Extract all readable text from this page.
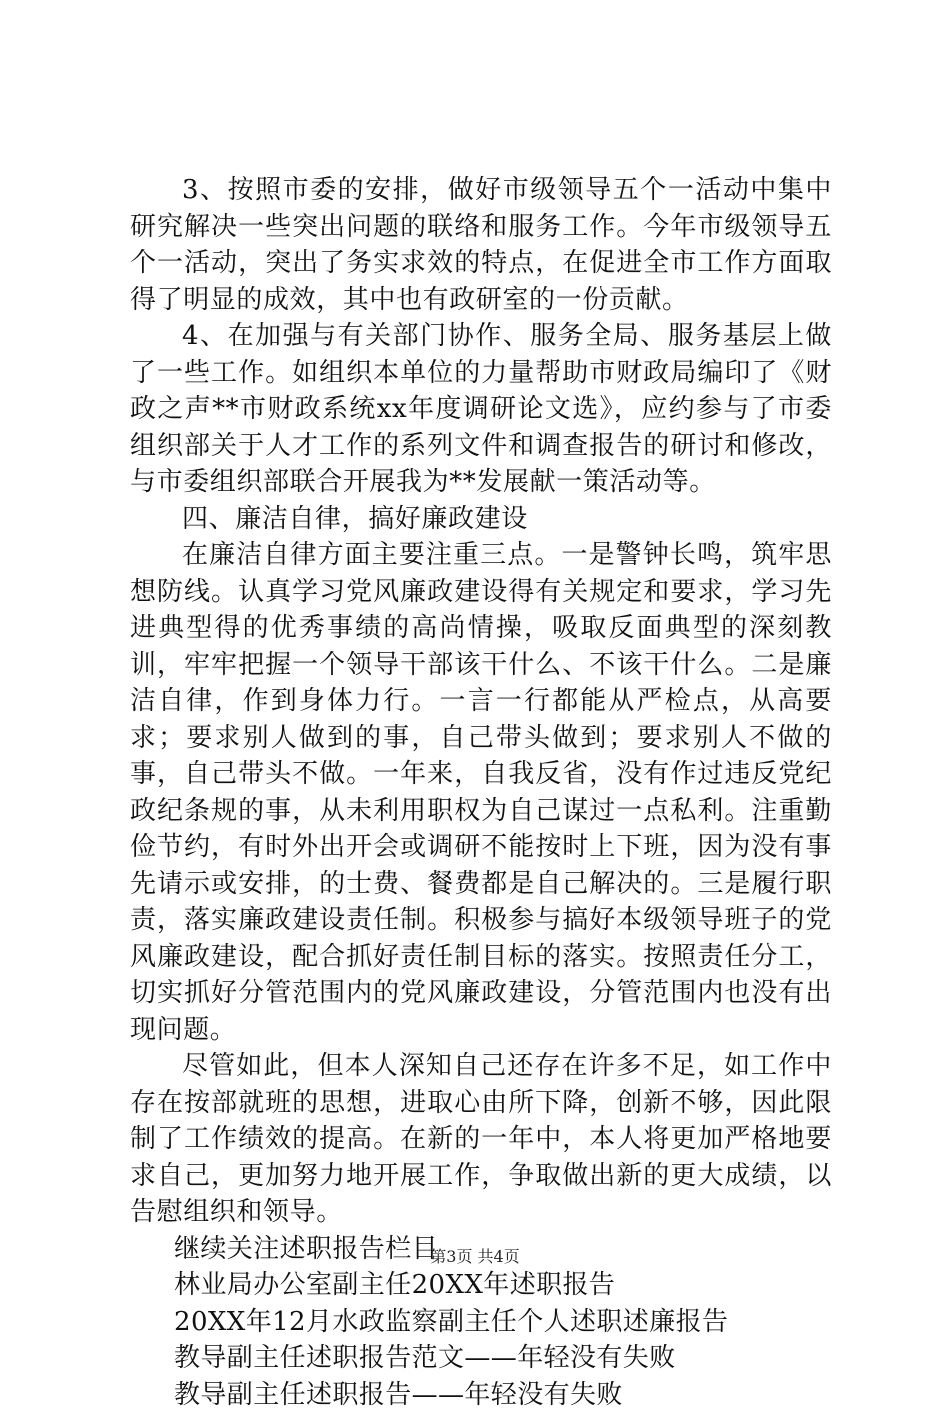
3、按照市委的安排，做好市级领导五个一活动中集中研究解决一些突出问题的联络和服务工作。今年市级领导五个一活动，突出了务实求效的特点，在促进全市工作方面取得了明显的成效，其中也有政研室的一份贡献。

4、在加强与有关部门协作、服务全局、服务基层上做了一些工作。如组织本单位的力量帮助市财政局编印了《财政之声**市财政系统xx年度调研论文选》，应约参与了市委组织部关于人才工作的系列文件和调查报告的研讨和修改，与市委组织部联合开展我为**发展献一策活动等。

四、廉洁自律，搞好廉政建设

在廉洁自律方面主要注重三点。一是警钟长鸣，筑牢思想防线。认真学习党风廉政建设得有关规定和要求，学习先进典型得的优秀事绩的高尚情操，吸取反面典型的深刻教训，牢牢把握一个领导干部该干什么、不该干什么。二是廉洁自律，作到身体力行。一言一行都能从严检点，从高要求；要求别人做到的事，自己带头做到；要求别人不做的事，自己带头不做。一年来，自我反省，没有作过违反党纪政纪条规的事，从未利用职权为自己谋过一点私利。注重勤俭节约，有时外出开会或调研不能按时上下班，因为没有事先请示或安排，的士费、餐费都是自己解决的。三是履行职责，落实廉政建设责任制。积极参与搞好本级领导班子的党风廉政建设，配合抓好责任制目标的落实。按照责任分工，切实抓好分管范围内的党风廉政建设，分管范围内也没有出现问题。

尽管如此，但本人深知自己还存在许多不足，如工作中存在按部就班的思想，进取心由所下降，创新不够，因此限制了工作绩效的提高。在新的一年中，本人将更加严格地要求自己，更加努力地开展工作，争取做出新的更大成绩，以告慰组织和领导。

继续关注述职报告栏目
林业局办公室副主任20XX年述职报告
20XX年12月水政监察副主任个人述职述廉报告
教导副主任述职报告范文——年轻没有失败
教导副主任述职报告——年轻没有失败
第3页 共4页
